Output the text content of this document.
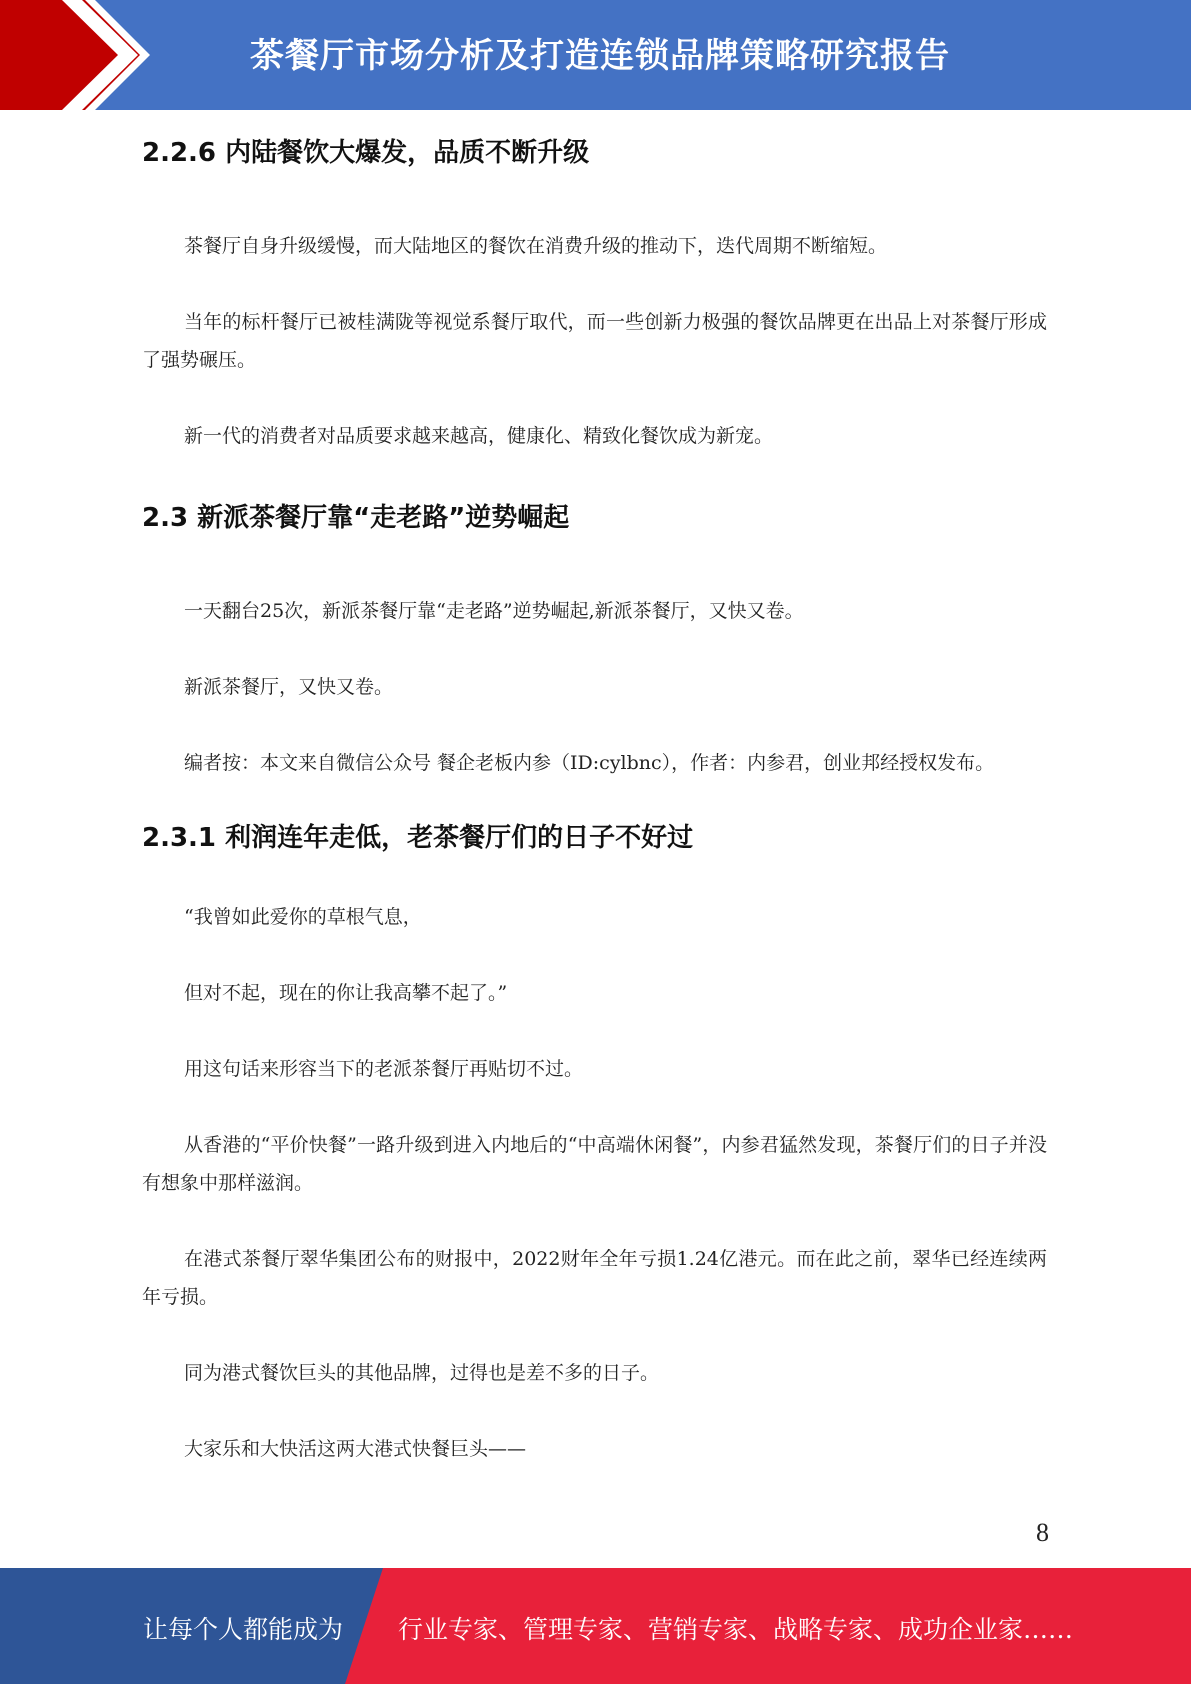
茶餐厅市场分析及打造连锁品牌策略研究报告
2.2.6 内陆餐饮大爆发，品质不断升级

茶餐厅自身升级缓慢，而大陆地区的餐饮在消费升级的推动下，迭代周期不断缩短。

当年的标杆餐厅已被桂满陇等视觉系餐厅取代，而一些创新力极强的餐饮品牌更在出品上对茶餐厅形成了强势碾压。

新一代的消费者对品质要求越来越高，健康化、精致化餐饮成为新宠。

2.3 新派茶餐厅靠“走老路”逆势崛起

一天翻台25次，新派茶餐厅靠“走老路”逆势崛起,新派茶餐厅，又快又卷。

新派茶餐厅，又快又卷。

编者按：本文来自微信公众号 餐企老板内参（ID:cylbnc），作者：内参君，创业邦经授权发布。

2.3.1 利润连年走低，老茶餐厅们的日子不好过

“我曾如此爱你的草根气息，

但对不起，现在的你让我高攀不起了。”

用这句话来形容当下的老派茶餐厅再贴切不过。

从香港的“平价快餐”一路升级到进入内地后的“中高端休闲餐”，内参君猛然发现，茶餐厅们的日子并没有想象中那样滋润。

在港式茶餐厅翠华集团公布的财报中，2022财年全年亏损1.24亿港元。而在此之前，翠华已经连续两年亏损。

同为港式餐饮巨头的其他品牌，过得也是差不多的日子。

大家乐和大快活这两大港式快餐巨头——

8
让每个人都能成为 行业专家、管理专家、营销专家、战略专家、成功企业家……
